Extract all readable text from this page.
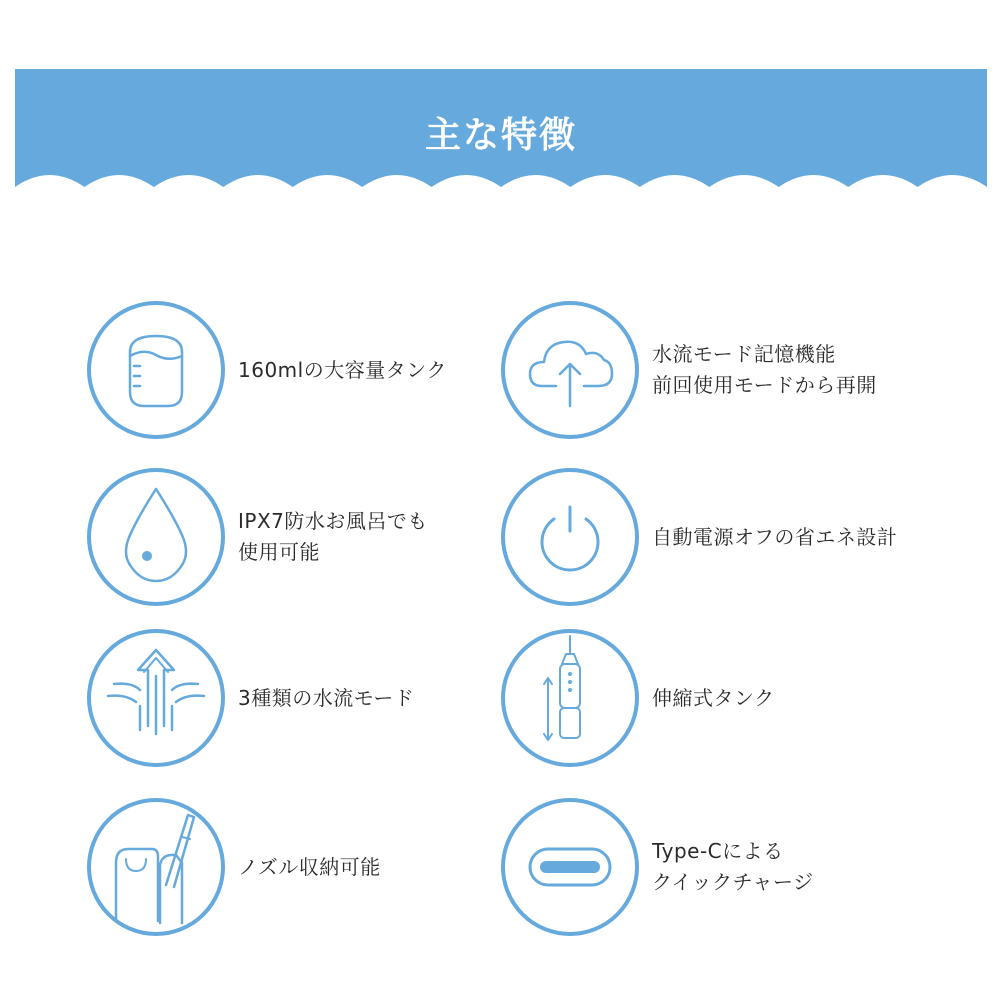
主な特徴
160mlの大容量タンク
水流モード記憶機能
前回使用モードから再開
IPX7防水お風呂でも
使用可能
自動電源オフの省エネ設計
3種類の水流モード	伸縮式タンク
ノズル収納可能
Type-Cによる
クイックチャージ
